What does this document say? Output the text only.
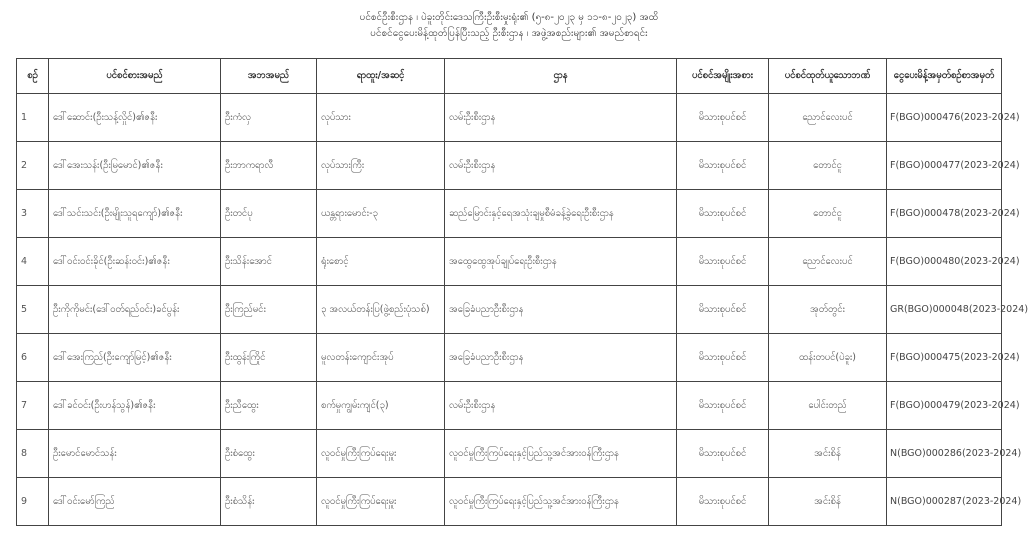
ပင်စင်ဦးစီးဌာန ၊ ပဲခူးတိုင်းဒေသကြီးဦးစီးမှုးရုံး၏ (၅-၈-၂၀၂၃ မှ ၁၁-၈-၂၀၂၃) အထိ
ပင်စင်ငွေပေးမိန့်ထုတ်ပြန်ပြီးသည့် ဦးစီးဌာန ၊ အဖွဲ့အစည်းများ၏ အမည်စာရင်း
စဉ်	ပင်စင်စားအမည်	အဘအမည်	ရာထူး/အဆင့်	ဌာန	ပင်စင်အမျိုးအစား	ပင်စင်ထုတ်ယူသောဘဏ်	ငွေပေးမိန့်အမှတ်စဉ်စာအမှတ်
1	ဒေါ်ဆောင်း(ဦးသန့်လှိုင်)၏ဇနီး	ဦးကံလှ	လုပ်သား	လမ်းဦးစီးဌာန	မိသားစုပင်စင်	ညောင်လေးပင်	F(BGO)000476(2023-2024)
2	ဒေါ်အေးသန်း(ဦးမြမောင်)၏ဇနီး	ဦးဘာကရာလီ	လုပ်သားကြီး	လမ်းဦးစီးဌာန	မိသားစုပင်စင်	တောင်ငူ	F(BGO)000477(2023-2024)
3	ဒေါ်သင်းသင်း(ဦးမျိုးသူရကျော်)၏ဇနီး	ဦးတင်ပု	ယန္တရားမောင်း-၃	ဆည်မြောင်းနှင့်ရေအသုံးချမှုစီမံခန့်ခွဲရေးဦးစီးဌာန	မိသားစုပင်စင်	တောင်ငူ	F(BGO)000478(2023-2024)
4	ဒေါ်ဝင်းဝင်းခိုင်(ဦးဆန်းဝင်း)၏ဇနီး	ဦးသိန်းအောင်	ရုံးစောင့်	အထွေထွေအုပ်ချုပ်ရေးဦးစီးဌာန	မိသားစုပင်စင်	ညောင်လေးပင်	F(BGO)000480(2023-2024)
5	ဦးကိုကိုမင်း(ဒေါ်ဝတ်ရည်ဝင်း)ခင်ပွန်း	ဦးကြည်မင်း	၃ အလယ်တန်းပြ(ဖွဲ့စည်းပုံသစ်)	အခြေခံပညာဦးစီးဌာန	မိသားစုပင်စင်	အုတ်တွင်း	GR(BGO)000048(2023-2024)
6	ဒေါ်အေးကြည်(ဦးကျော်မြင့်)၏ဇနီး	ဦးထွန်းကြိုင်	မူလတန်းကျောင်းအုပ်	အခြေခံပညာဦးစီးဌာန	မိသားစုပင်စင်	ထန်းတပင်(ပဲခူး)	F(BGO)000475(2023-2024)
7	ဒေါ်ခင်ဝင်း(ဦးဟန်သွန်)၏ဇနီး	ဦးညီထွေး	စက်မှုကျွမ်းကျင်(၃)	လမ်းဦးစီးဌာန	မိသားစုပင်စင်	ပေါင်းတည်	F(BGO)000479(2023-2024)
8	ဦးမောင်မောင်သန်း	ဦးစံထွေး	လူဝင်မှုကြီးကြပ်ရေးမှူး	လူဝင်မှုကြီးကြပ်ရေးနှင့်ပြည်သူ့အင်အားဝန်ကြီးဌာန	မိသားစုပင်စင်	အင်းစိန်	N(BGO)000286(2023-2024)
9	ဒေါ်ဝင်းမော်ကြည်	ဦးစံသိန်း	လူဝင်မှုကြီးကြပ်ရေးမှူး	လူဝင်မှုကြီးကြပ်ရေးနှင့်ပြည်သူ့အင်အားဝန်ကြီးဌာန	မိသားစုပင်စင်	အင်းစိန်	N(BGO)000287(2023-2024)
